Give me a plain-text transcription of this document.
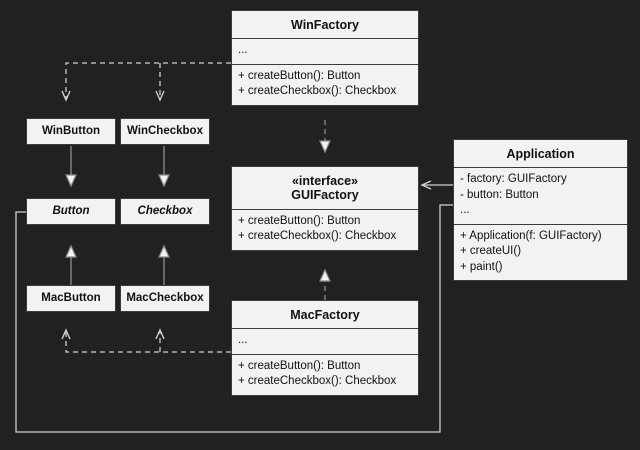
WinFactory
...
+ createButton(): Button
+ createCheckbox(): Checkbox
«interface»
GUIFactory
+ createButton(): Button
+ createCheckbox(): Checkbox
MacFactory
...
+ createButton(): Button
+ createCheckbox(): Checkbox
Application
- factory: GUIFactory
- button: Button
...
+ Application(f: GUIFactory)
+ createUI()
+ paint()
WinButton	WinCheckbox
Button	Checkbox
MacButton	MacCheckbox
